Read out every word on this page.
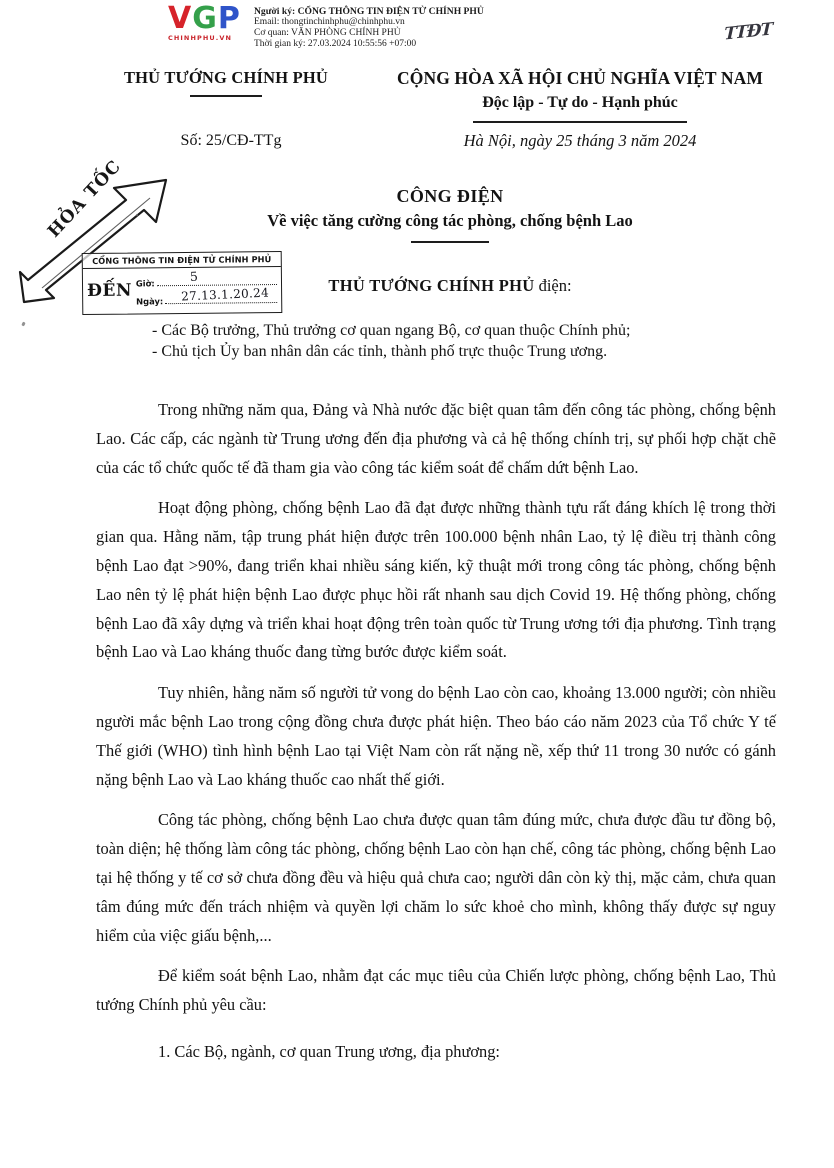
VGP
CHINHPHU.VN
Người ký: CỔNG THÔNG TIN ĐIỆN TỬ CHÍNH PHỦ
Email: thongtinchinhphu@chinhphu.vn
Cơ quan: VĂN PHÒNG CHÍNH PHỦ
Thời gian ký: 27.03.2024 10:55:56 +07:00	TTĐT
THỦ TƯỚNG CHÍNH PHỦ	CỘNG HÒA XÃ HỘI CHỦ NGHĨA VIỆT NAM
Độc lập - Tự do - Hạnh phúc
Số: 25/CĐ-TTg	Hà Nội, ngày 25 tháng 3 năm 2024
CÔNG ĐIỆN
Về việc tăng cường công tác phòng, chống bệnh Lao
THỦ TƯỚNG CHÍNH PHỦ điện:
- Các Bộ trưởng, Thủ trưởng cơ quan ngang Bộ, cơ quan thuộc Chính phủ;
- Chủ tịch Ủy ban nhân dân các tỉnh, thành phố trực thuộc Trung ương.
HỎA TỐC
CỔNG THÔNG TIN ĐIỆN TỬ CHÍNH PHỦ
ĐẾN Giờ:	5
Ngày: 27.13.1.20.24

Trong những năm qua, Đảng và Nhà nước đặc biệt quan tâm đến công tác phòng, chống bệnh Lao. Các cấp, các ngành từ Trung ương đến địa phương và cả hệ thống chính trị, sự phối hợp chặt chẽ của các tổ chức quốc tế đã tham gia vào công tác kiểm soát để chấm dứt bệnh Lao.

Hoạt động phòng, chống bệnh Lao đã đạt được những thành tựu rất đáng khích lệ trong thời gian qua. Hằng năm, tập trung phát hiện được trên 100.000 bệnh nhân Lao, tỷ lệ điều trị thành công bệnh Lao đạt >90%, đang triển khai nhiều sáng kiến, kỹ thuật mới trong công tác phòng, chống bệnh Lao nên tỷ lệ phát hiện bệnh Lao được phục hồi rất nhanh sau dịch Covid 19. Hệ thống phòng, chống bệnh Lao đã xây dựng và triển khai hoạt động trên toàn quốc từ Trung ương tới địa phương. Tình trạng bệnh Lao và Lao kháng thuốc đang từng bước được kiểm soát.

Tuy nhiên, hằng năm số người tử vong do bệnh Lao còn cao, khoảng 13.000 người; còn nhiều người mắc bệnh Lao trong cộng đồng chưa được phát hiện. Theo báo cáo năm 2023 của Tổ chức Y tế Thế giới (WHO) tình hình bệnh Lao tại Việt Nam còn rất nặng nề, xếp thứ 11 trong 30 nước có gánh nặng bệnh Lao và Lao kháng thuốc cao nhất thế giới.

Công tác phòng, chống bệnh Lao chưa được quan tâm đúng mức, chưa được đầu tư đồng bộ, toàn diện; hệ thống làm công tác phòng, chống bệnh Lao còn hạn chế, công tác phòng, chống bệnh Lao tại hệ thống y tế cơ sở chưa đồng đều và hiệu quả chưa cao; người dân còn kỳ thị, mặc cảm, chưa quan tâm đúng mức đến trách nhiệm và quyền lợi chăm lo sức khoẻ cho mình, không thấy được sự nguy hiểm của việc giấu bệnh,...

Để kiểm soát bệnh Lao, nhằm đạt các mục tiêu của Chiến lược phòng, chống bệnh Lao, Thủ tướng Chính phủ yêu cầu:

1. Các Bộ, ngành, cơ quan Trung ương, địa phương:
